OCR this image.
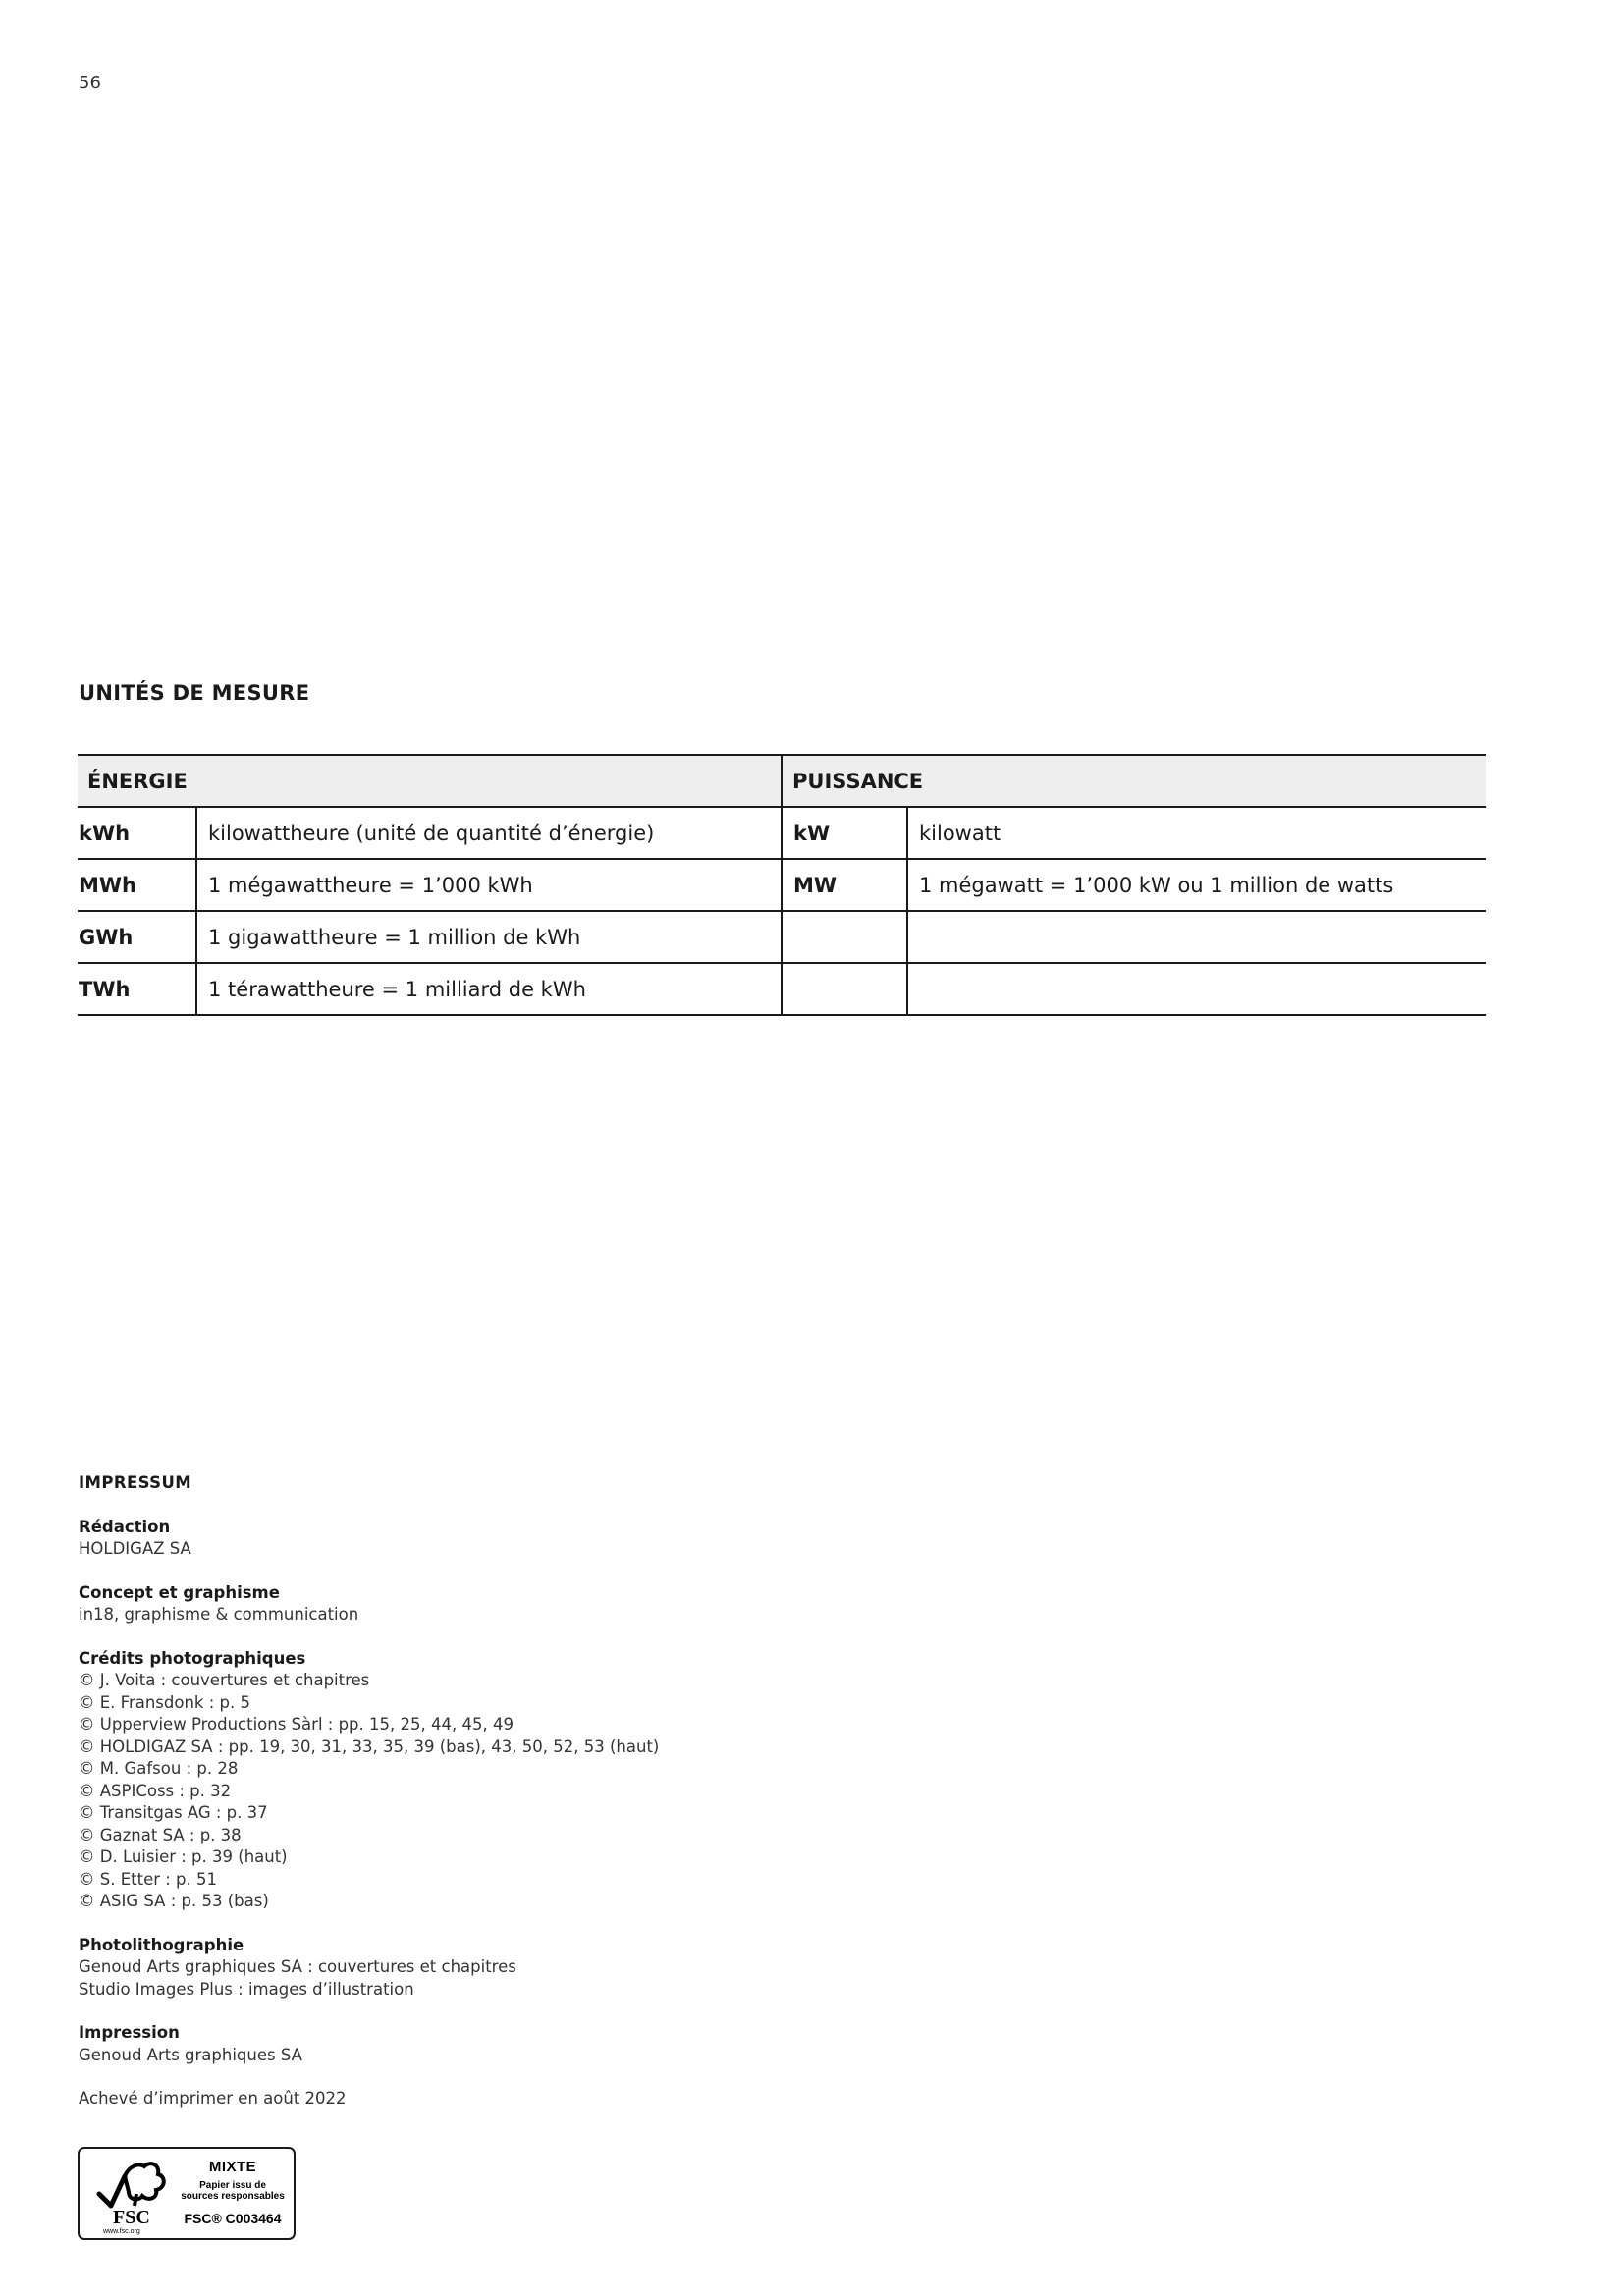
56
UNITÉS DE MESURE
ÉNERGIE		PUISSANCE	
kWh	kilowattheure (unité de quantité d’énergie)	kW	kilowatt
MWh	1 mégawattheure = 1’000 kWh	MW	1 mégawatt = 1’000 kW ou 1 million de watts
GWh	1 gigawattheure = 1 million de kWh		
TWh	1 térawattheure = 1 milliard de kWh		
IMPRESSUM
Rédaction
HOLDIGAZ SA
Concept et graphisme
in18, graphisme & communication
Crédits photographiques
© J. Voita : couvertures et chapitres
© E. Fransdonk : p. 5
© Upperview Productions Sàrl : pp. 15, 25, 44, 45, 49
© HOLDIGAZ SA : pp. 19, 30, 31, 33, 35, 39 (bas), 43, 50, 52, 53 (haut)
© M. Gafsou : p. 28
© ASPICoss : p. 32
© Transitgas AG : p. 37
© Gaznat SA : p. 38
© D. Luisier : p. 39 (haut)
© S. Etter : p. 51
© ASIG SA : p. 53 (bas)
Photolithographie
Genoud Arts graphiques SA : couvertures et chapitres
Studio Images Plus : images d’illustration
Impression
Genoud Arts graphiques SA
Achevé d’imprimer en août 2022
FSC
www.fsc.org
MIXTE
Papier issu de
sources responsables
FSC® C003464
